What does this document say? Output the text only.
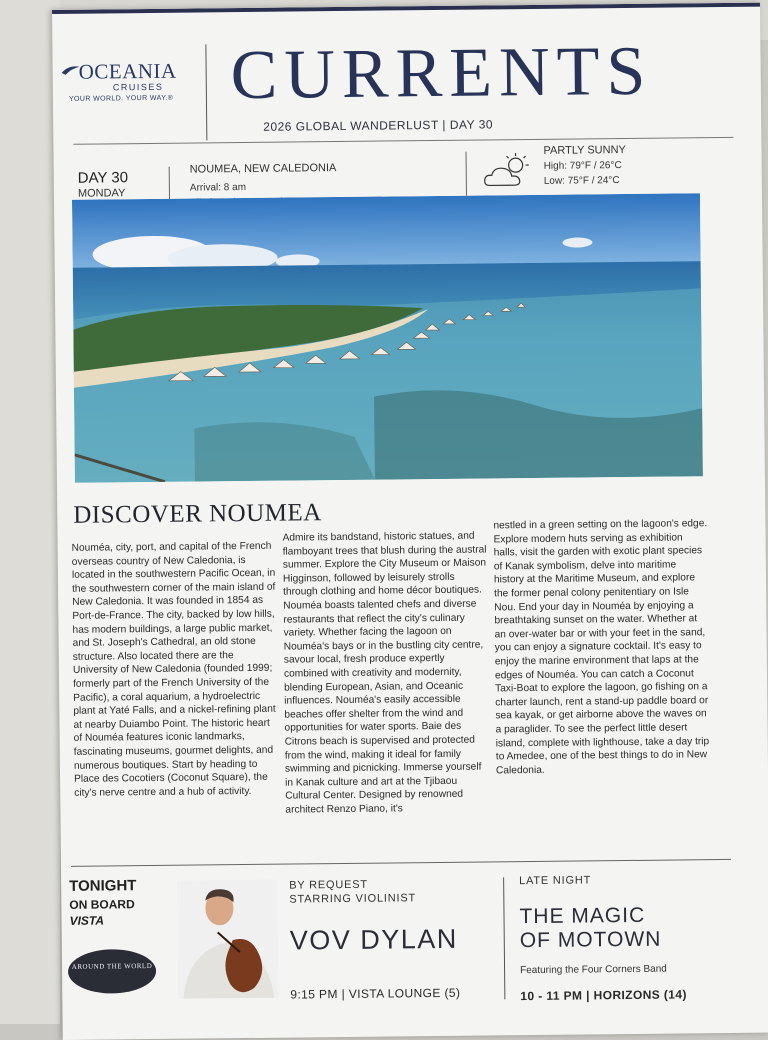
OCEANIA
CRUISES
YOUR WORLD. YOUR WAY.® CURRENTS
2026 GLOBAL WANDERLUST | DAY 30
DAY 30
MONDAY
NOUMEA, NEW CALEDONIA
Arrival: 8 am
PARTLY SUNNY
High: 79°F / 26°C
Low: 75°F / 24°C
DISCOVER NOUMEA
Nouméa, city, port, and capital of the French overseas country of New Caledonia, is located in the southwestern Pacific Ocean, in the southwestern corner of the main island of New Caledonia. It was founded in 1854 as Port-de-France. The city, backed by low hills, has modern buildings, a large public market, and St. Joseph's Cathedral, an old stone structure. Also located there are the University of New Caledonia (founded 1999; formerly part of the French University of the Pacific), a coral aquarium, a hydroelectric plant at Yaté Falls, and a nickel-refining plant at nearby Duiambo Point. The historic heart of Nouméa features iconic landmarks, fascinating museums, gourmet delights, and numerous boutiques. Start by heading to Place des Cocotiers (Coconut Square), the city's nerve centre and a hub of activity.
Admire its bandstand, historic statues, and flamboyant trees that blush during the austral summer. Explore the City Museum or Maison Higginson, followed by leisurely strolls through clothing and home décor boutiques. Nouméa boasts talented chefs and diverse restaurants that reflect the city's culinary variety. Whether facing the lagoon on Nouméa's bays or in the bustling city centre, savour local, fresh produce expertly combined with creativity and modernity, blending European, Asian, and Oceanic influences. Nouméa's easily accessible beaches offer shelter from the wind and opportunities for water sports. Baie des Citrons beach is supervised and protected from the wind, making it ideal for family swimming and picnicking. Immerse yourself in Kanak culture and art at the Tjibaou Cultural Center. Designed by renowned architect Renzo Piano, it's
nestled in a green setting on the lagoon's edge. Explore modern huts serving as exhibition halls, visit the garden with exotic plant species of Kanak symbolism, delve into maritime history at the Maritime Museum, and explore the former penal colony penitentiary on Isle Nou. End your day in Nouméa by enjoying a breathtaking sunset on the water. Whether at an over-water bar or with your feet in the sand, you can enjoy a signature cocktail. It's easy to enjoy the marine environment that laps at the edges of Nouméa. You can catch a Coconut Taxi-Boat to explore the lagoon, go fishing on a charter launch, rent a stand-up paddle board or sea kayak, or get airborne above the waves on a paraglider. To see the perfect little desert island, complete with lighthouse, take a day trip to Amedee, one of the best things to do in New Caledonia.
TONIGHT
ON BOARD
VISTA
AROUND THE WORLD
BY REQUEST
STARRING VIOLINIST
VOV DYLAN
9:15 PM | VISTA LOUNGE (5)
LATE NIGHT
THE MAGIC
OF MOTOWN
Featuring the Four Corners Band
10 - 11 PM | HORIZONS (14)
